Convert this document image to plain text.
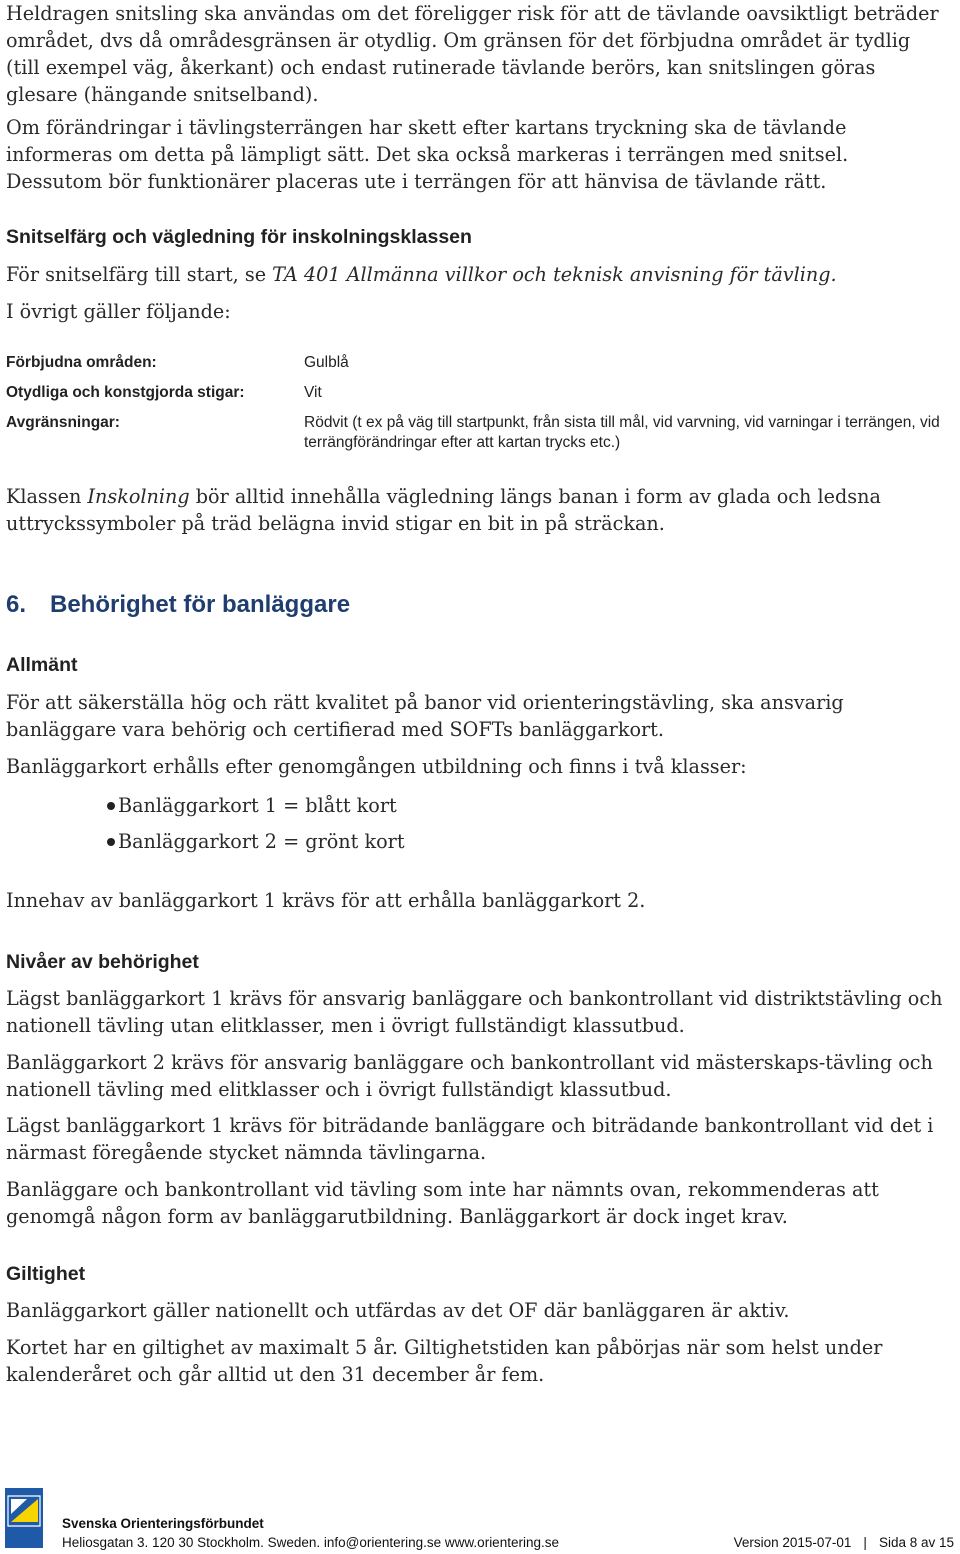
Heldragen snitsling ska användas om det föreligger risk för att de tävlande oavsiktligt beträder området, dvs då områdesgränsen är otydlig. Om gränsen för det förbjudna området är tydlig (till exempel väg, åkerkant) och endast rutinerade tävlande berörs, kan snitslingen göras glesare (hängande snitselband).

Om förändringar i tävlingsterrängen har skett efter kartans tryckning ska de tävlande informeras om detta på lämpligt sätt. Det ska också markeras i terrängen med snitsel. Dessutom bör funktionärer placeras ute i terrängen för att hänvisa de tävlande rätt.

Snitselfärg och vägledning för inskolningsklassen

För snitselfärg till start, se TA 401 Allmänna villkor och teknisk anvisning för tävling.

I övrigt gäller följande:

Förbjudna områden:	Gulblå
Otydliga och konstgjorda stigar:	Vit
Avgränsningar:	Rödvit (t ex på väg till startpunkt, från sista till mål, vid varvning, vid varningar i terrängen, vid terrängförändringar efter att kartan trycks etc.)

Klassen Inskolning bör alltid innehålla vägledning längs banan i form av glada och ledsna uttryckssymboler på träd belägna invid stigar en bit in på sträckan.

6. Behörighet för banläggare
Allmänt

För att säkerställa hög och rätt kvalitet på banor vid orienteringstävling, ska ansvarig banläggare vara behörig och certifierad med SOFTs banläggarkort.

Banläggarkort erhålls efter genomgången utbildning och finns i två klasser:

Banläggarkort 1 = blått kort
Banläggarkort 2 = grönt kort

Innehav av banläggarkort 1 krävs för att erhålla banläggarkort 2.

Nivåer av behörighet

Lägst banläggarkort 1 krävs för ansvarig banläggare och bankontrollant vid distriktstävling och nationell tävling utan elitklasser, men i övrigt fullständigt klassutbud.

Banläggarkort 2 krävs för ansvarig banläggare och bankontrollant vid mästerskaps-tävling och nationell tävling med elitklasser och i övrigt fullständigt klassutbud.

Lägst banläggarkort 1 krävs för biträdande banläggare och biträdande bankontrollant vid det i närmast föregående stycket nämnda tävlingarna.

Banläggare och bankontrollant vid tävling som inte har nämnts ovan, rekommenderas att genomgå någon form av banläggarutbildning. Banläggarkort är dock inget krav.

Giltighet

Banläggarkort gäller nationellt och utfärdas av det OF där banläggaren är aktiv.

Kortet har en giltighet av maximalt 5 år. Giltighetstiden kan påbörjas när som helst under kalenderåret och går alltid ut den 31 december år fem.

Svenska Orienteringsförbundet
Heliosgatan 3. 120 30 Stockholm. Sweden. info@orientering.se www.orientering.se	Version 2015-07-01 | Sida 8 av 15
